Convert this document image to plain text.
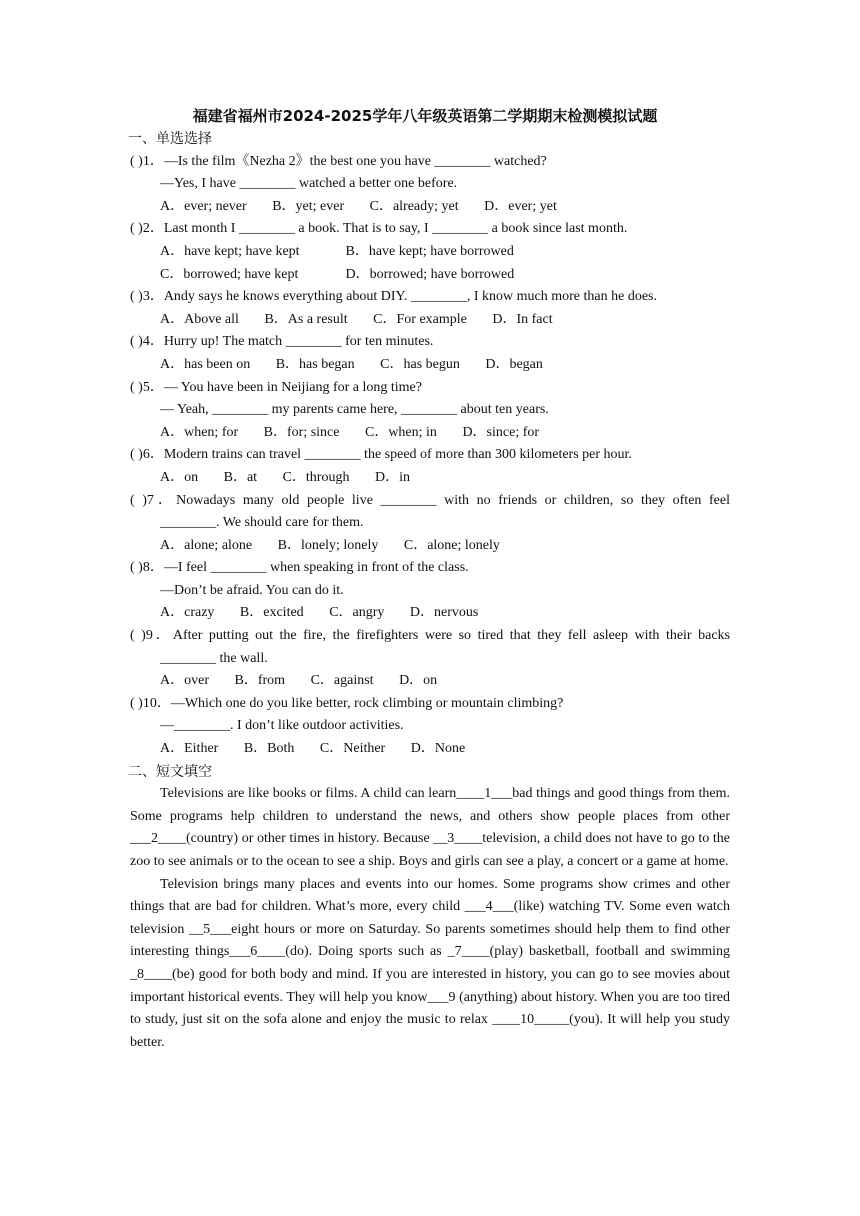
福建省福州市2024-2025学年八年级英语第二学期期末检测模拟试题
一、单选选择
( )1．—Is the film《Nezha 2》the best one you have ________ watched?
—Yes, I have ________ watched a better one before.
A．ever; never B．yet; ever C．already; yet D．ever; yet
( )2．Last month I ________ a book. That is to say, I ________ a book since last month.
A．have kept; have kept	B．have kept; have borrowed
C．borrowed; have kept	D．borrowed; have borrowed
( )3．Andy says he knows everything about DIY. ________, I know much more than he does.
A．Above all B．As a result C．For example D．In fact
( )4．Hurry up! The match ________ for ten minutes.
A．has been on B．has began C．has begun D．began
( )5．— You have been in Neijiang for a long time?
— Yeah, ________ my parents came here, ________ about ten years.
A．when; for B．for; since C．when; in D．since; for
( )6．Modern trains can travel ________ the speed of more than 300 kilometers per hour.
A．on B．at C．through D．in
( )7．Nowadays many old people live ________ with no friends or children, so they often feel
________. We should care for them.
A．alone; alone B．lonely; lonely C．alone; lonely
( )8．—I feel ________ when speaking in front of the class.
—Don’t be afraid. You can do it.
A．crazy B．excited C．angry D．nervous
( )9．After putting out the fire, the firefighters were so tired that they fell asleep with their backs
________ the wall.
A．over B．from C．against D．on
( )10．—Which one do you like better, rock climbing or mountain climbing?
—________. I don’t like outdoor activities.
A．Either B．Both C．Neither D．None
二、短文填空

Televisions are like books or films. A child can learn____1___bad things and good things from them. Some programs help children to understand the news, and others show people places from other ___2____(country) or other times in history. Because __3____television, a child does not have to go to the zoo to see animals or to the ocean to see a ship. Boys and girls can see a play, a concert or a game at home.

Television brings many places and events into our homes. Some programs show crimes and other things that are bad for children. What’s more, every child ___4___(like) watching TV. Some even watch television __5___eight hours or more on Saturday. So parents sometimes should help them to find other interesting things___6____(do). Doing sports such as _7____(play) basketball, football and swimming _8____(be) good for both body and mind. If you are interested in history, you can go to see movies about important historical events. They will help you know___9 (anything) about history. When you are too tired to study, just sit on the sofa alone and enjoy the music to relax ____10_____(you). It will help you study better.
